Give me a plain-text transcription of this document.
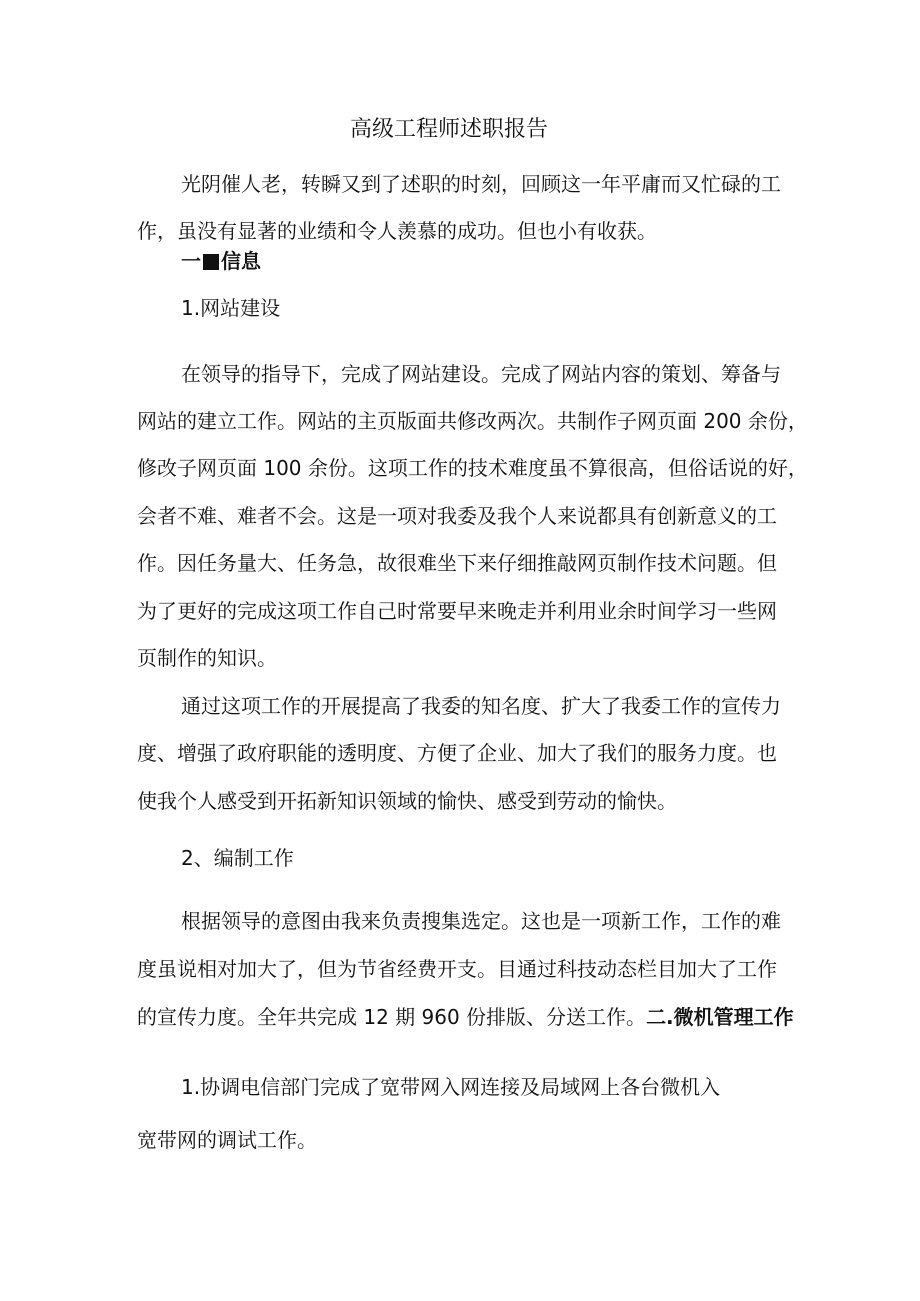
高级工程师述职报告
光阴催人老，转瞬又到了述职的时刻，回顾这一年平庸而又忙碌的工
作，虽没有显著的业绩和令人羡慕的成功。但也小有收获。
一 信息
1.网站建设
在领导的指导下，完成了网站建设。完成了网站内容的策划、筹备与
网站的建立工作。网站的主页版面共修改两次。共制作子网页面 200 余份，
修改子网页面 100 余份。这项工作的技术难度虽不算很高，但俗话说的好，
会者不难、难者不会。这是一项对我委及我个人来说都具有创新意义的工
作。因任务量大、任务急，故很难坐下来仔细推敲网页制作技术问题。但
为了更好的完成这项工作自己时常要早来晚走并利用业余时间学习一些网
页制作的知识。
通过这项工作的开展提高了我委的知名度、扩大了我委工作的宣传力
度、增强了政府职能的透明度、方便了企业、加大了我们的服务力度。也
使我个人感受到开拓新知识领域的愉快、感受到劳动的愉快。
2、编制工作
根据领导的意图由我来负责搜集选定。这也是一项新工作，工作的难
度虽说相对加大了，但为节省经费开支。目通过科技动态栏目加大了工作
的宣传力度。全年共完成 12 期 960 份排版、分送工作。二.微机管理工作
1.协调电信部门完成了宽带网入网连接及局域网上各台微机入
宽带网的调试工作。
